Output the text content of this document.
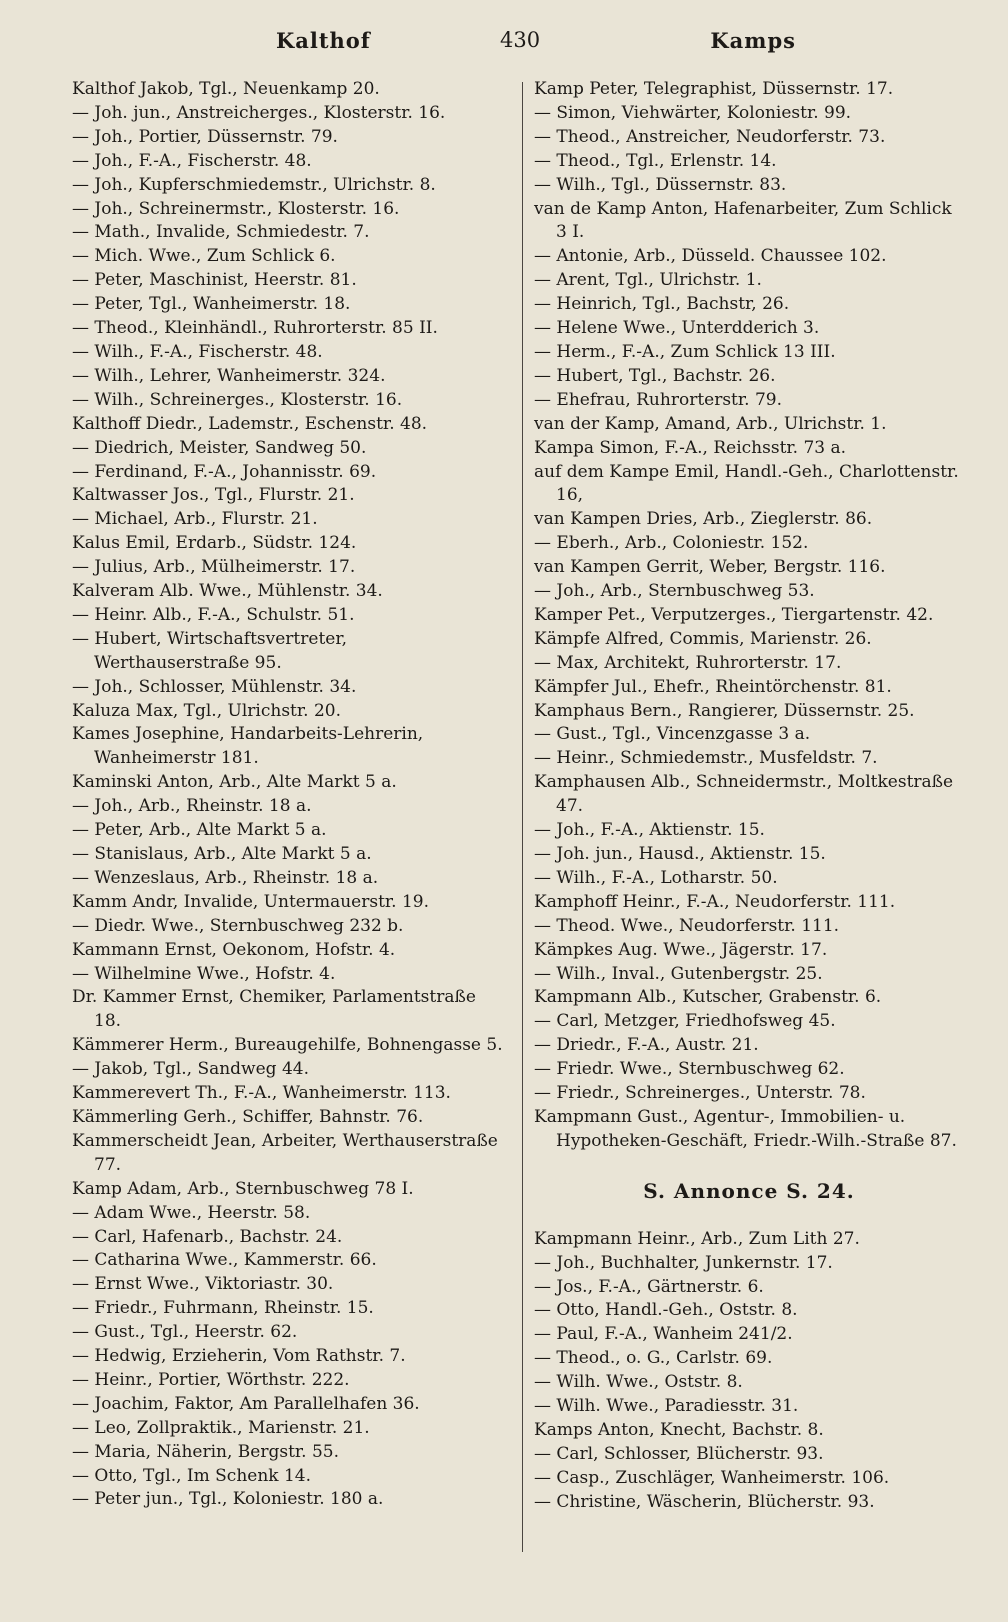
Kalthof	430	Kamps
Kalthof Jakob, Tgl., Neuenkamp 20.
— Joh. jun., Anstreicherges., Klosterstr. 16.
— Joh., Portier, Düssernstr. 79.
— Joh., F.-A., Fischerstr. 48.
— Joh., Kupferschmiedemstr., Ulrichstr. 8.
— Joh., Schreinermstr., Klosterstr. 16.
— Math., Invalide, Schmiedestr. 7.
— Mich. Wwe., Zum Schlick 6.
— Peter, Maschinist, Heerstr. 81.
— Peter, Tgl., Wanheimerstr. 18.
— Theod., Kleinhändl., Ruhrorterstr. 85 II.
— Wilh., F.-A., Fischerstr. 48.
— Wilh., Lehrer, Wanheimerstr. 324.
— Wilh., Schreinerges., Klosterstr. 16.
Kalthoff Diedr., Lademstr., Eschenstr. 48.
— Diedrich, Meister, Sandweg 50.
— Ferdinand, F.-A., Johannisstr. 69.
Kaltwasser Jos., Tgl., Flurstr. 21.
— Michael, Arb., Flurstr. 21.
Kalus Emil, Erdarb., Südstr. 124.
— Julius, Arb., Mülheimerstr. 17.
Kalveram Alb. Wwe., Mühlenstr. 34.
— Heinr. Alb., F.-A., Schulstr. 51.
— Hubert, Wirtschaftsvertreter, Werthauserstraße 95.
— Joh., Schlosser, Mühlenstr. 34.
Kaluza Max, Tgl., Ulrichstr. 20.
Kames Josephine, Handarbeits-Lehrerin, Wanheimerstr 181.
Kaminski Anton, Arb., Alte Markt 5 a.
— Joh., Arb., Rheinstr. 18 a.
— Peter, Arb., Alte Markt 5 a.
— Stanislaus, Arb., Alte Markt 5 a.
— Wenzeslaus, Arb., Rheinstr. 18 a.
Kamm Andr, Invalide, Untermauerstr. 19.
— Diedr. Wwe., Sternbuschweg 232 b.
Kammann Ernst, Oekonom, Hofstr. 4.
— Wilhelmine Wwe., Hofstr. 4.
Dr. Kammer Ernst, Chemiker, Parlamentstraße 18.
Kämmerer Herm., Bureaugehilfe, Bohnengasse 5.
— Jakob, Tgl., Sandweg 44.
Kammerevert Th., F.-A., Wanheimerstr. 113.
Kämmerling Gerh., Schiffer, Bahnstr. 76.
Kammerscheidt Jean, Arbeiter, Werthauserstraße 77.
Kamp Adam, Arb., Sternbuschweg 78 I.
— Adam Wwe., Heerstr. 58.
— Carl, Hafenarb., Bachstr. 24.
— Catharina Wwe., Kammerstr. 66.
— Ernst Wwe., Viktoriastr. 30.
— Friedr., Fuhrmann, Rheinstr. 15.
— Gust., Tgl., Heerstr. 62.
— Hedwig, Erzieherin, Vom Rathstr. 7.
— Heinr., Portier, Wörthstr. 222.
— Joachim, Faktor, Am Parallelhafen 36.
— Leo, Zollpraktik., Marienstr. 21.
— Maria, Näherin, Bergstr. 55.
— Otto, Tgl., Im Schenk 14.
— Peter jun., Tgl., Koloniestr. 180 a.
Kamp Peter, Telegraphist, Düssernstr. 17.
— Simon, Viehwärter, Koloniestr. 99.
— Theod., Anstreicher, Neudorferstr. 73.
— Theod., Tgl., Erlenstr. 14.
— Wilh., Tgl., Düssernstr. 83.
van de Kamp Anton, Hafenarbeiter, Zum Schlick 3 I.
— Antonie, Arb., Düsseld. Chaussee 102.
— Arent, Tgl., Ulrichstr. 1.
— Heinrich, Tgl., Bachstr, 26.
— Helene Wwe., Unterdderich 3.
— Herm., F.-A., Zum Schlick 13 III.
— Hubert, Tgl., Bachstr. 26.
— Ehefrau, Ruhrorterstr. 79.
van der Kamp, Amand, Arb., Ulrichstr. 1.
Kampa Simon, F.-A., Reichsstr. 73 a.
auf dem Kampe Emil, Handl.-Geh., Charlottenstr. 16,
van Kampen Dries, Arb., Zieglerstr. 86.
— Eberh., Arb., Coloniestr. 152.
van Kampen Gerrit, Weber, Bergstr. 116.
— Joh., Arb., Sternbuschweg 53.
Kamper Pet., Verputzerges., Tiergartenstr. 42.
Kämpfe Alfred, Commis, Marienstr. 26.
— Max, Architekt, Ruhrorterstr. 17.
Kämpfer Jul., Ehefr., Rheintörchenstr. 81.
Kamphaus Bern., Rangierer, Düssernstr. 25.
— Gust., Tgl., Vincenzgasse 3 a.
— Heinr., Schmiedemstr., Musfeldstr. 7.
Kamphausen Alb., Schneidermstr., Moltkestraße 47.
— Joh., F.-A., Aktienstr. 15.
— Joh. jun., Hausd., Aktienstr. 15.
— Wilh., F.-A., Lotharstr. 50.
Kamphoff Heinr., F.-A., Neudorferstr. 111.
— Theod. Wwe., Neudorferstr. 111.
Kämpkes Aug. Wwe., Jägerstr. 17.
— Wilh., Inval., Gutenbergstr. 25.
Kampmann Alb., Kutscher, Grabenstr. 6.
— Carl, Metzger, Friedhofsweg 45.
— Driedr., F.-A., Austr. 21.
— Friedr. Wwe., Sternbuschweg 62.
— Friedr., Schreinerges., Unterstr. 78.
Kampmann Gust., Agentur-, Immobilien- u. Hypotheken-Geschäft, Friedr.-Wilh.-Straße 87.
S. Annonce S. 24.
Kampmann Heinr., Arb., Zum Lith 27.
— Joh., Buchhalter, Junkernstr. 17.
— Jos., F.-A., Gärtnerstr. 6.
— Otto, Handl.-Geh., Oststr. 8.
— Paul, F.-A., Wanheim 241/2.
— Theod., o. G., Carlstr. 69.
— Wilh. Wwe., Oststr. 8.
— Wilh. Wwe., Paradiesstr. 31.
Kamps Anton, Knecht, Bachstr. 8.
— Carl, Schlosser, Blücherstr. 93.
— Casp., Zuschläger, Wanheimerstr. 106.
— Christine, Wäscherin, Blücherstr. 93.
